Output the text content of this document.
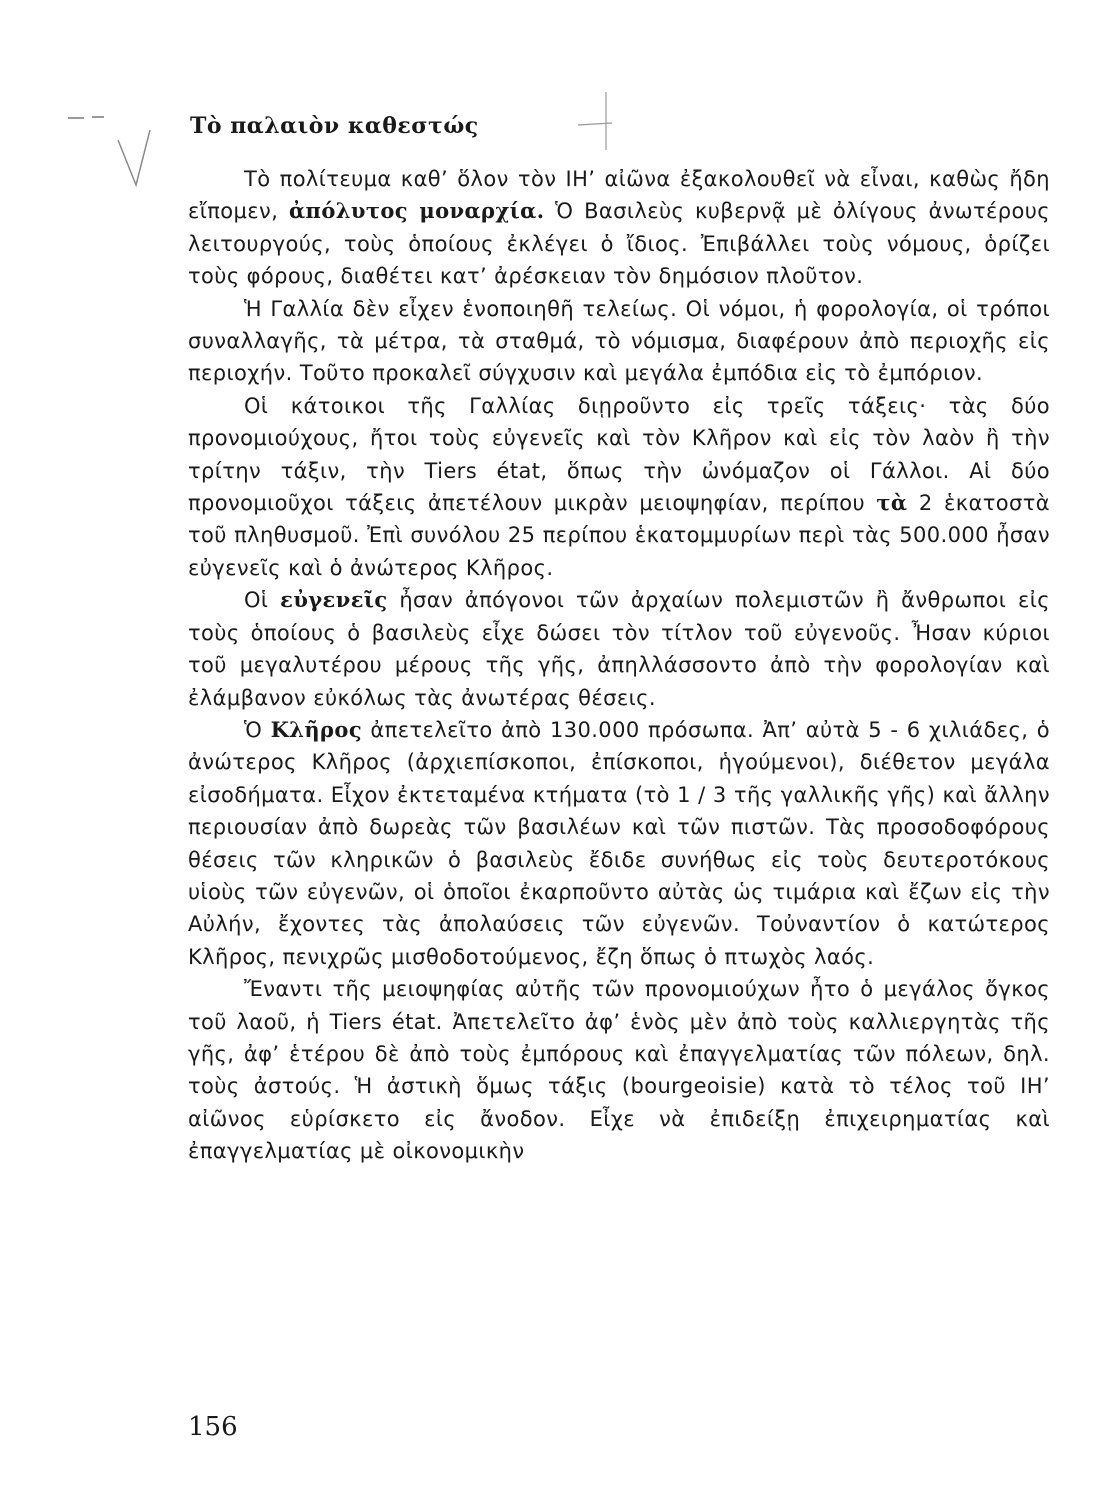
Τὸ παλαιὸν καθεστώς

Τὸ πολίτευμα καθ’ ὅλον τὸν ΙΗ’ αἰῶνα ἐξακολουθεῖ νὰ εἶναι, καθὼς ἤδη εἴπομεν, ἀπόλυτος μοναρχία. Ὁ Βασιλεὺς κυβερνᾷ μὲ ὀλίγους ἀνωτέρους λειτουργούς, τοὺς ὁποίους ἐκλέγει ὁ ἴδιος. Ἐπιβάλλει τοὺς νόμους, ὁρίζει τοὺς φόρους, διαθέτει κατ’ ἀρέσκειαν τὸν δημόσιον πλοῦτον.

Ἡ Γαλλία δὲν εἶχεν ἑνοποιηθῆ τελείως. Οἱ νόμοι, ἡ φορολογία, οἱ τρόποι συναλλαγῆς, τὰ μέτρα, τὰ σταθμά, τὸ νόμισμα, διαφέρουν ἀπὸ περιοχῆς εἰς περιοχήν. Τοῦτο προκαλεῖ σύγχυσιν καὶ μεγάλα ἐμπόδια εἰς τὸ ἐμπόριον.

Οἱ κάτοικοι τῆς Γαλλίας διῃροῦντο εἰς τρεῖς τάξεις· τὰς δύο προνομιούχους, ἤτοι τοὺς εὐγενεῖς καὶ τὸν Κλῆρον καὶ εἰς τὸν λαὸν ἢ τὴν τρίτην τάξιν, τὴν Tiers état, ὅπως τὴν ὠνόμαζον οἱ Γάλλοι. Αἱ δύο προνομιοῦχοι τάξεις ἀπετέλουν μικρὰν μειοψηφίαν, περίπου τὰ 2 ἑκατοστὰ τοῦ πληθυσμοῦ. Ἐπὶ συνόλου 25 περίπου ἑκατομμυρίων περὶ τὰς 500.000 ἦσαν εὐγενεῖς καὶ ὁ ἀνώτερος Κλῆρος.

Οἱ εὐγενεῖς ἦσαν ἀπόγονοι τῶν ἀρχαίων πολεμιστῶν ἢ ἄνθρωποι εἰς τοὺς ὁποίους ὁ βασιλεὺς εἶχε δώσει τὸν τίτλον τοῦ εὐγενοῦς. Ἦσαν κύριοι τοῦ μεγαλυτέρου μέρους τῆς γῆς, ἀπηλλάσσοντο ἀπὸ τὴν φορολογίαν καὶ ἐλάμβανον εὐκόλως τὰς ἀνωτέρας θέσεις.

Ὁ Κλῆρος ἀπετελεῖτο ἀπὸ 130.000 πρόσωπα. Ἀπ’ αὐτὰ 5 - 6 χιλιάδες, ὁ ἀνώτερος Κλῆρος (ἀρχιεπίσκοποι, ἐπίσκοποι, ἡγούμενοι), διέθετον μεγάλα εἰσοδήματα. Εἶχον ἐκτεταμένα κτήματα (τὸ 1 / 3 τῆς γαλλικῆς γῆς) καὶ ἄλλην περιουσίαν ἀπὸ δωρεὰς τῶν βασιλέων καὶ τῶν πιστῶν. Τὰς προσοδοφόρους θέσεις τῶν κληρικῶν ὁ βασιλεὺς ἔδιδε συνήθως εἰς τοὺς δευτεροτόκους υἱοὺς τῶν εὐγενῶν, οἱ ὁποῖοι ἐκαρποῦντο αὐτὰς ὡς τιμάρια καὶ ἔζων εἰς τὴν Αὐλήν, ἔχοντες τὰς ἀπολαύσεις τῶν εὐγενῶν. Τοὐναντίον ὁ κατώτερος Κλῆρος, πενιχρῶς μισθοδοτούμενος, ἔζη ὅπως ὁ πτωχὸς λαός.

Ἔναντι τῆς μειοψηφίας αὐτῆς τῶν προνομιούχων ἦτο ὁ μεγάλος ὄγκος τοῦ λαοῦ, ἡ Tiers état. Ἀπετελεῖτο ἀφ’ ἑνὸς μὲν ἀπὸ τοὺς καλλιεργητὰς τῆς γῆς, ἀφ’ ἑτέρου δὲ ἀπὸ τοὺς ἐμπόρους καὶ ἐπαγγελματίας τῶν πόλεων, δηλ. τοὺς ἀστούς. Ἡ ἀστικὴ ὅμως τάξις (bourgeoisie) κατὰ τὸ τέλος τοῦ ΙΗ’ αἰῶνος εὑρίσκετο εἰς ἄνοδον. Εἶχε νὰ ἐπιδείξῃ ἐπιχειρηματίας καὶ ἐπαγγελματίας μὲ οἰκονομικὴν

156
